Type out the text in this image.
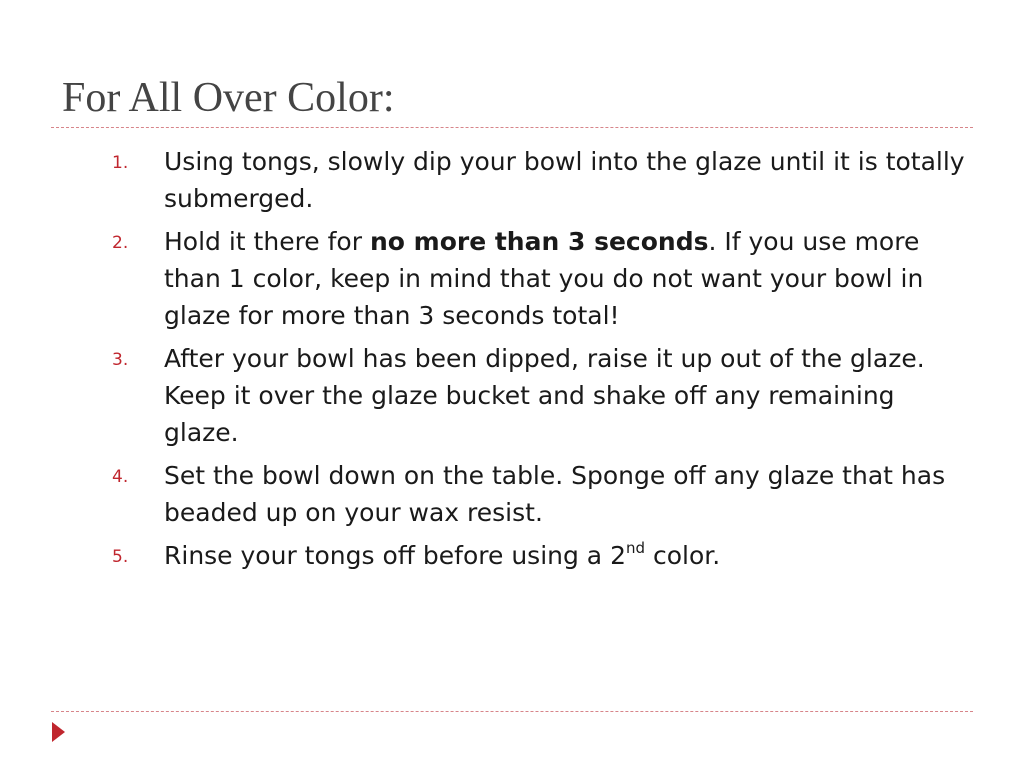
For All Over Color:
1. Using tongs, slowly dip your bowl into the glaze until it is totally submerged.
2. Hold it there for no more than 3 seconds. If you use more than 1 color, keep in mind that you do not want your bowl in glaze for more than 3 seconds total!
3. After your bowl has been dipped, raise it up out of the glaze. Keep it over the glaze bucket and shake off any remaining glaze.
4. Set the bowl down on the table. Sponge off any glaze that has beaded up on your wax resist.
5. Rinse your tongs off before using a 2nd color.
